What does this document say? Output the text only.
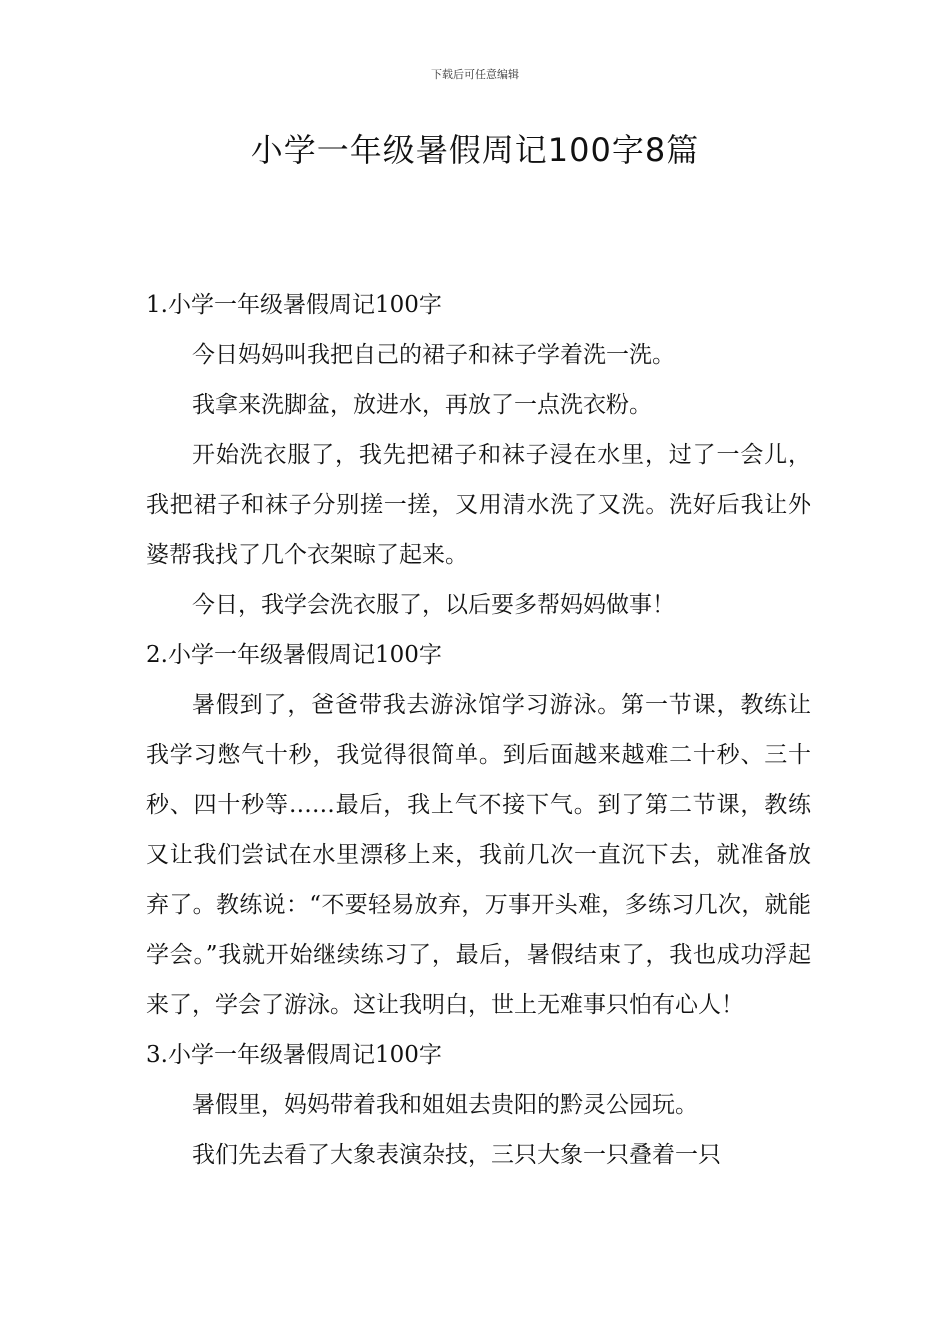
下载后可任意编辑
小学一年级暑假周记100字8篇
1.小学一年级暑假周记100字

今日妈妈叫我把自己的裙子和袜子学着洗一洗。

我拿来洗脚盆，放进水，再放了一点洗衣粉。

开始洗衣服了，我先把裙子和袜子浸在水里，过了一会儿，我把裙子和袜子分别搓一搓，又用清水洗了又洗。洗好后我让外婆帮我找了几个衣架晾了起来。

今日，我学会洗衣服了，以后要多帮妈妈做事！

2.小学一年级暑假周记100字

暑假到了，爸爸带我去游泳馆学习游泳。第一节课，教练让我学习憋气十秒，我觉得很简单。到后面越来越难二十秒、三十秒、四十秒等……最后，我上气不接下气。到了第二节课，教练又让我们尝试在水里漂移上来，我前几次一直沉下去，就准备放弃了。教练说：“不要轻易放弃，万事开头难，多练习几次，就能学会。”我就开始继续练习了，最后，暑假结束了，我也成功浮起来了，学会了游泳。这让我明白，世上无难事只怕有心人！

3.小学一年级暑假周记100字

暑假里，妈妈带着我和姐姐去贵阳的黔灵公园玩。

我们先去看了大象表演杂技，三只大象一只叠着一只
